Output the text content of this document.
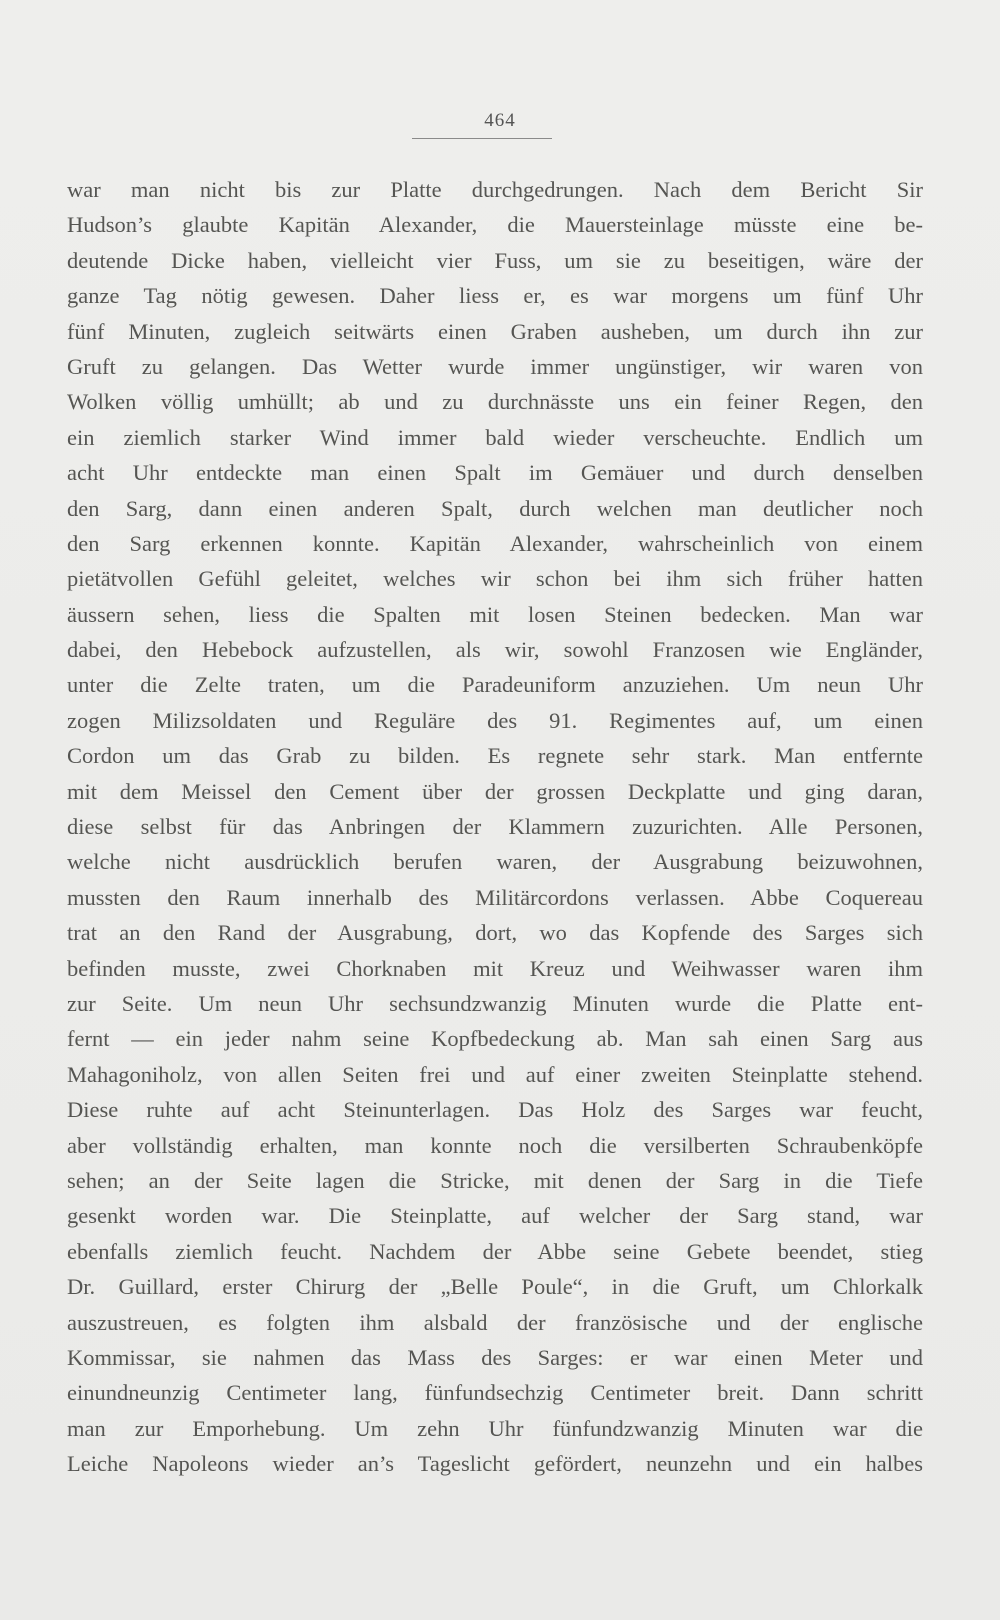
464
war man nicht bis zur Platte durchgedrungen. Nach dem Bericht Sir
Hudson’s glaubte Kapitän Alexander, die Mauersteinlage müsste eine be-
deutende Dicke haben, vielleicht vier Fuss, um sie zu beseitigen, wäre der
ganze Tag nötig gewesen. Daher liess er, es war morgens um fünf Uhr
fünf Minuten, zugleich seitwärts einen Graben ausheben, um durch ihn zur
Gruft zu gelangen. Das Wetter wurde immer ungünstiger, wir waren von
Wolken völlig umhüllt; ab und zu durchnässte uns ein feiner Regen, den
ein ziemlich starker Wind immer bald wieder verscheuchte. Endlich um
acht Uhr entdeckte man einen Spalt im Gemäuer und durch denselben
den Sarg, dann einen anderen Spalt, durch welchen man deutlicher noch
den Sarg erkennen konnte. Kapitän Alexander, wahrscheinlich von einem
pietätvollen Gefühl geleitet, welches wir schon bei ihm sich früher hatten
äussern sehen, liess die Spalten mit losen Steinen bedecken. Man war
dabei, den Hebebock aufzustellen, als wir, sowohl Franzosen wie Engländer,
unter die Zelte traten, um die Paradeuniform anzuziehen. Um neun Uhr
zogen Milizsoldaten und Reguläre des 91. Regimentes auf, um einen
Cordon um das Grab zu bilden. Es regnete sehr stark. Man entfernte
mit dem Meissel den Cement über der grossen Deckplatte und ging daran,
diese selbst für das Anbringen der Klammern zuzurichten. Alle Personen,
welche nicht ausdrücklich berufen waren, der Ausgrabung beizuwohnen,
mussten den Raum innerhalb des Militärcordons verlassen. Abbe Coquereau
trat an den Rand der Ausgrabung, dort, wo das Kopfende des Sarges sich
befinden musste, zwei Chorknaben mit Kreuz und Weihwasser waren ihm
zur Seite. Um neun Uhr sechsundzwanzig Minuten wurde die Platte ent-
fernt — ein jeder nahm seine Kopfbedeckung ab. Man sah einen Sarg aus
Mahagoniholz, von allen Seiten frei und auf einer zweiten Steinplatte stehend.
Diese ruhte auf acht Steinunterlagen. Das Holz des Sarges war feucht,
aber vollständig erhalten, man konnte noch die versilberten Schraubenköpfe
sehen; an der Seite lagen die Stricke, mit denen der Sarg in die Tiefe
gesenkt worden war. Die Steinplatte, auf welcher der Sarg stand, war
ebenfalls ziemlich feucht. Nachdem der Abbe seine Gebete beendet, stieg
Dr. Guillard, erster Chirurg der „Belle Poule“, in die Gruft, um Chlorkalk
auszustreuen, es folgten ihm alsbald der französische und der englische
Kommissar, sie nahmen das Mass des Sarges: er war einen Meter und
einundneunzig Centimeter lang, fünfundsechzig Centimeter breit. Dann schritt
man zur Emporhebung. Um zehn Uhr fünfundzwanzig Minuten war die
Leiche Napoleons wieder an’s Tageslicht gefördert, neunzehn und ein halbes
